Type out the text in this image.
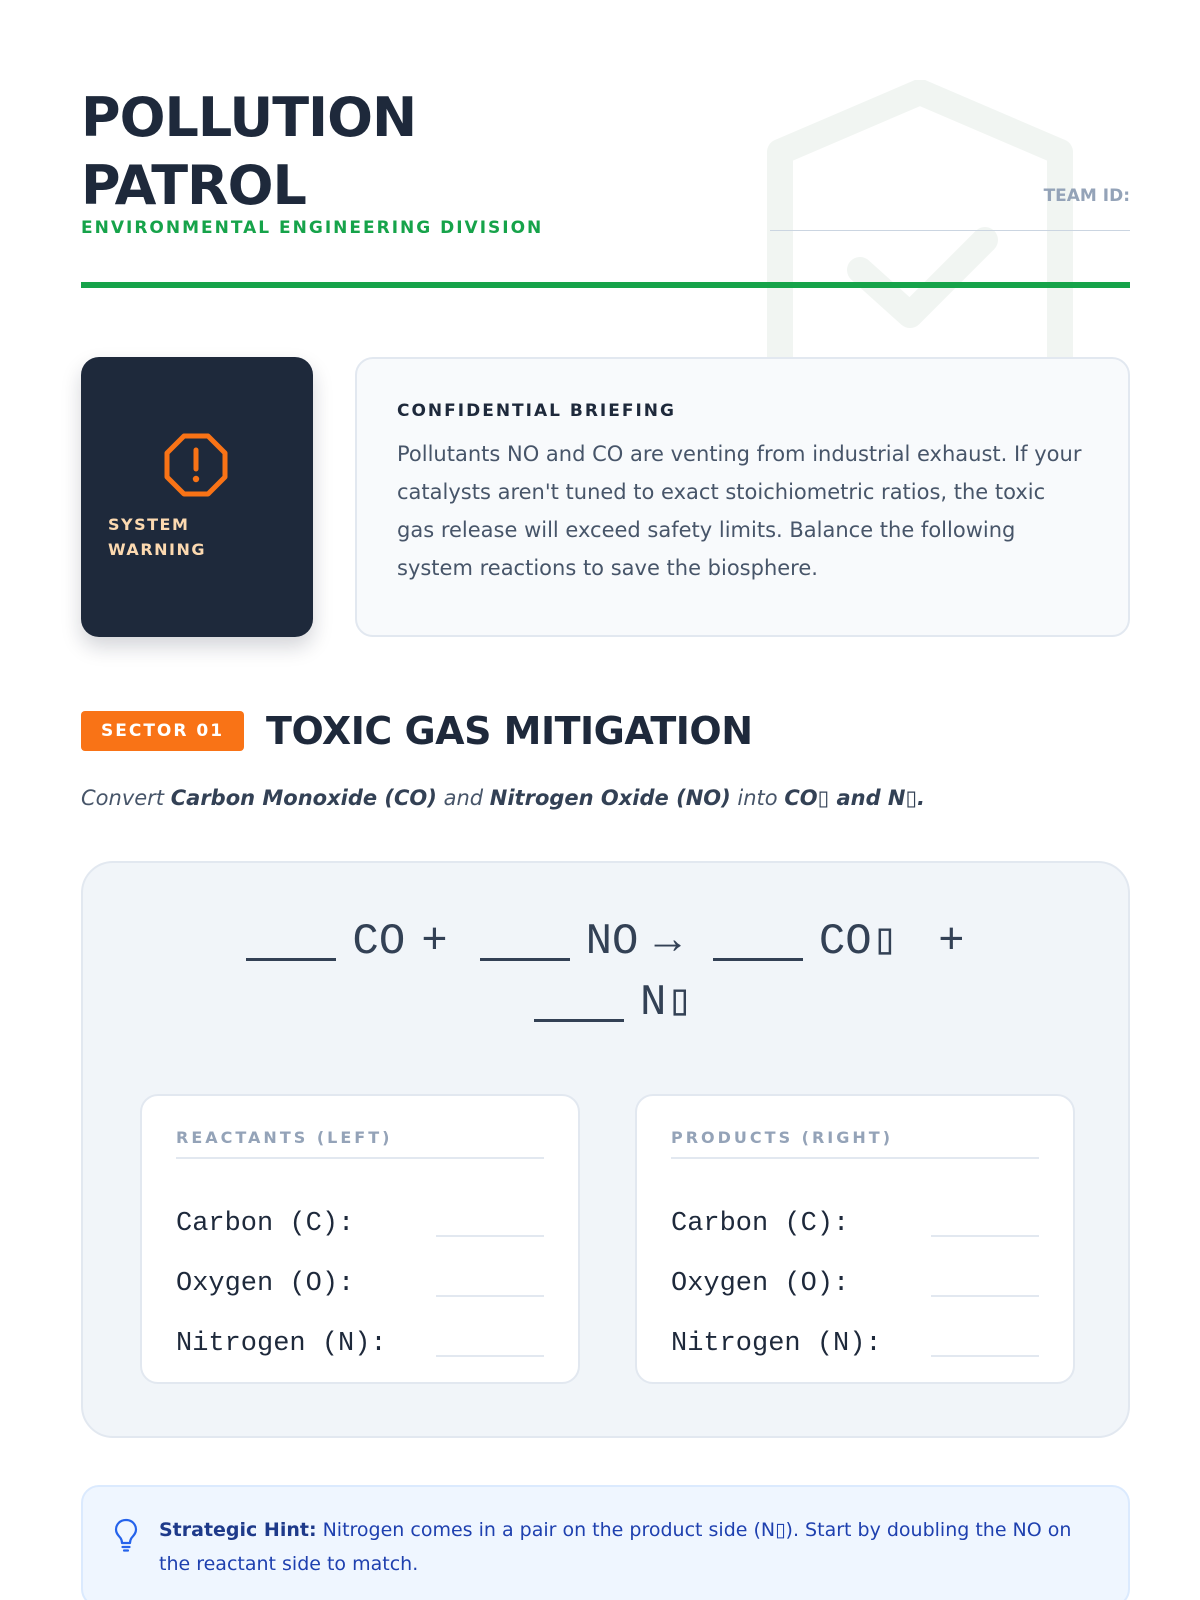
POLLUTION
PATROL
ENVIRONMENTAL ENGINEERING DIVISION
TEAM ID:
SYSTEM
WARNING
CONFIDENTIAL BRIEFING
Pollutants NO and CO are venting from industrial exhaust. If your catalysts aren't tuned to exact stoichiometric ratios, the toxic gas release will exceed safety limits. Balance the following system reactions to save the biosphere.
SECTOR 01	TOXIC GAS MITIGATION
Convert Carbon Monoxide (CO) and Nitrogen Oxide (NO) into CO▯ and N▯.
CO +	NO →	CO▯ +
N▯
REACTANTS (LEFT)
Carbon (C):
Oxygen (O):
Nitrogen (N):
PRODUCTS (RIGHT)
Carbon (C):
Oxygen (O):
Nitrogen (N):
Strategic Hint: Nitrogen comes in a pair on the product side (N▯). Start by doubling the NO on the reactant side to match.
